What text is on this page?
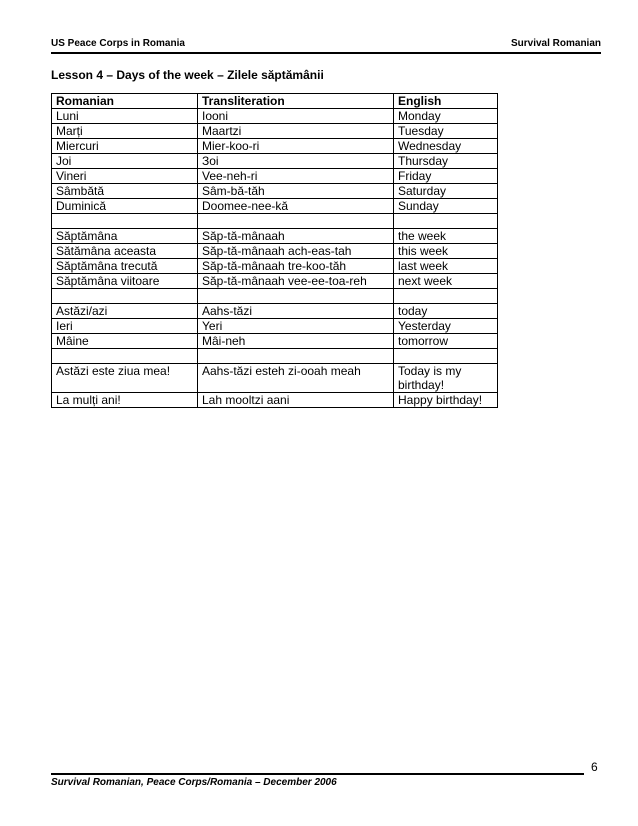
US Peace Corps in Romania	Survival Romanian
Lesson 4 – Days of the week – Zilele săptămânii
Romanian	Transliteration	English
Luni	Iooni	Monday
Marți	Maartzi	Tuesday
Miercuri	Mier-koo-ri	Wednesday
Joi	Зoi	Thursday
Vineri	Vee-neh-ri	Friday
Sâmbătă	Sâm-bă-tăh	Saturday
Duminică	Doomee-nee-kă	Sunday

Săptămâna	Săp-tă-mânaah	the week
Sătămâna aceasta	Săp-tă-mânaah ach-eas-tah	this week
Săptămâna trecută	Săp-tă-mânaah tre-koo-tăh	last week
Săptămâna viitoare	Săp-tă-mânaah vee-ee-toa-reh	next week

Astăzi/azi	Aahs-tăzi	today
Ieri	Yeri	Yesterday
Mâine	Mâi-neh	tomorrow

Astăzi este ziua mea!	Aahs-tăzi esteh zi-ooah meah	Today is my birthday!
La mulți ani!	Lah mooltzi aani	Happy birthday!
6
Survival Romanian, Peace Corps/Romania – December 2006
